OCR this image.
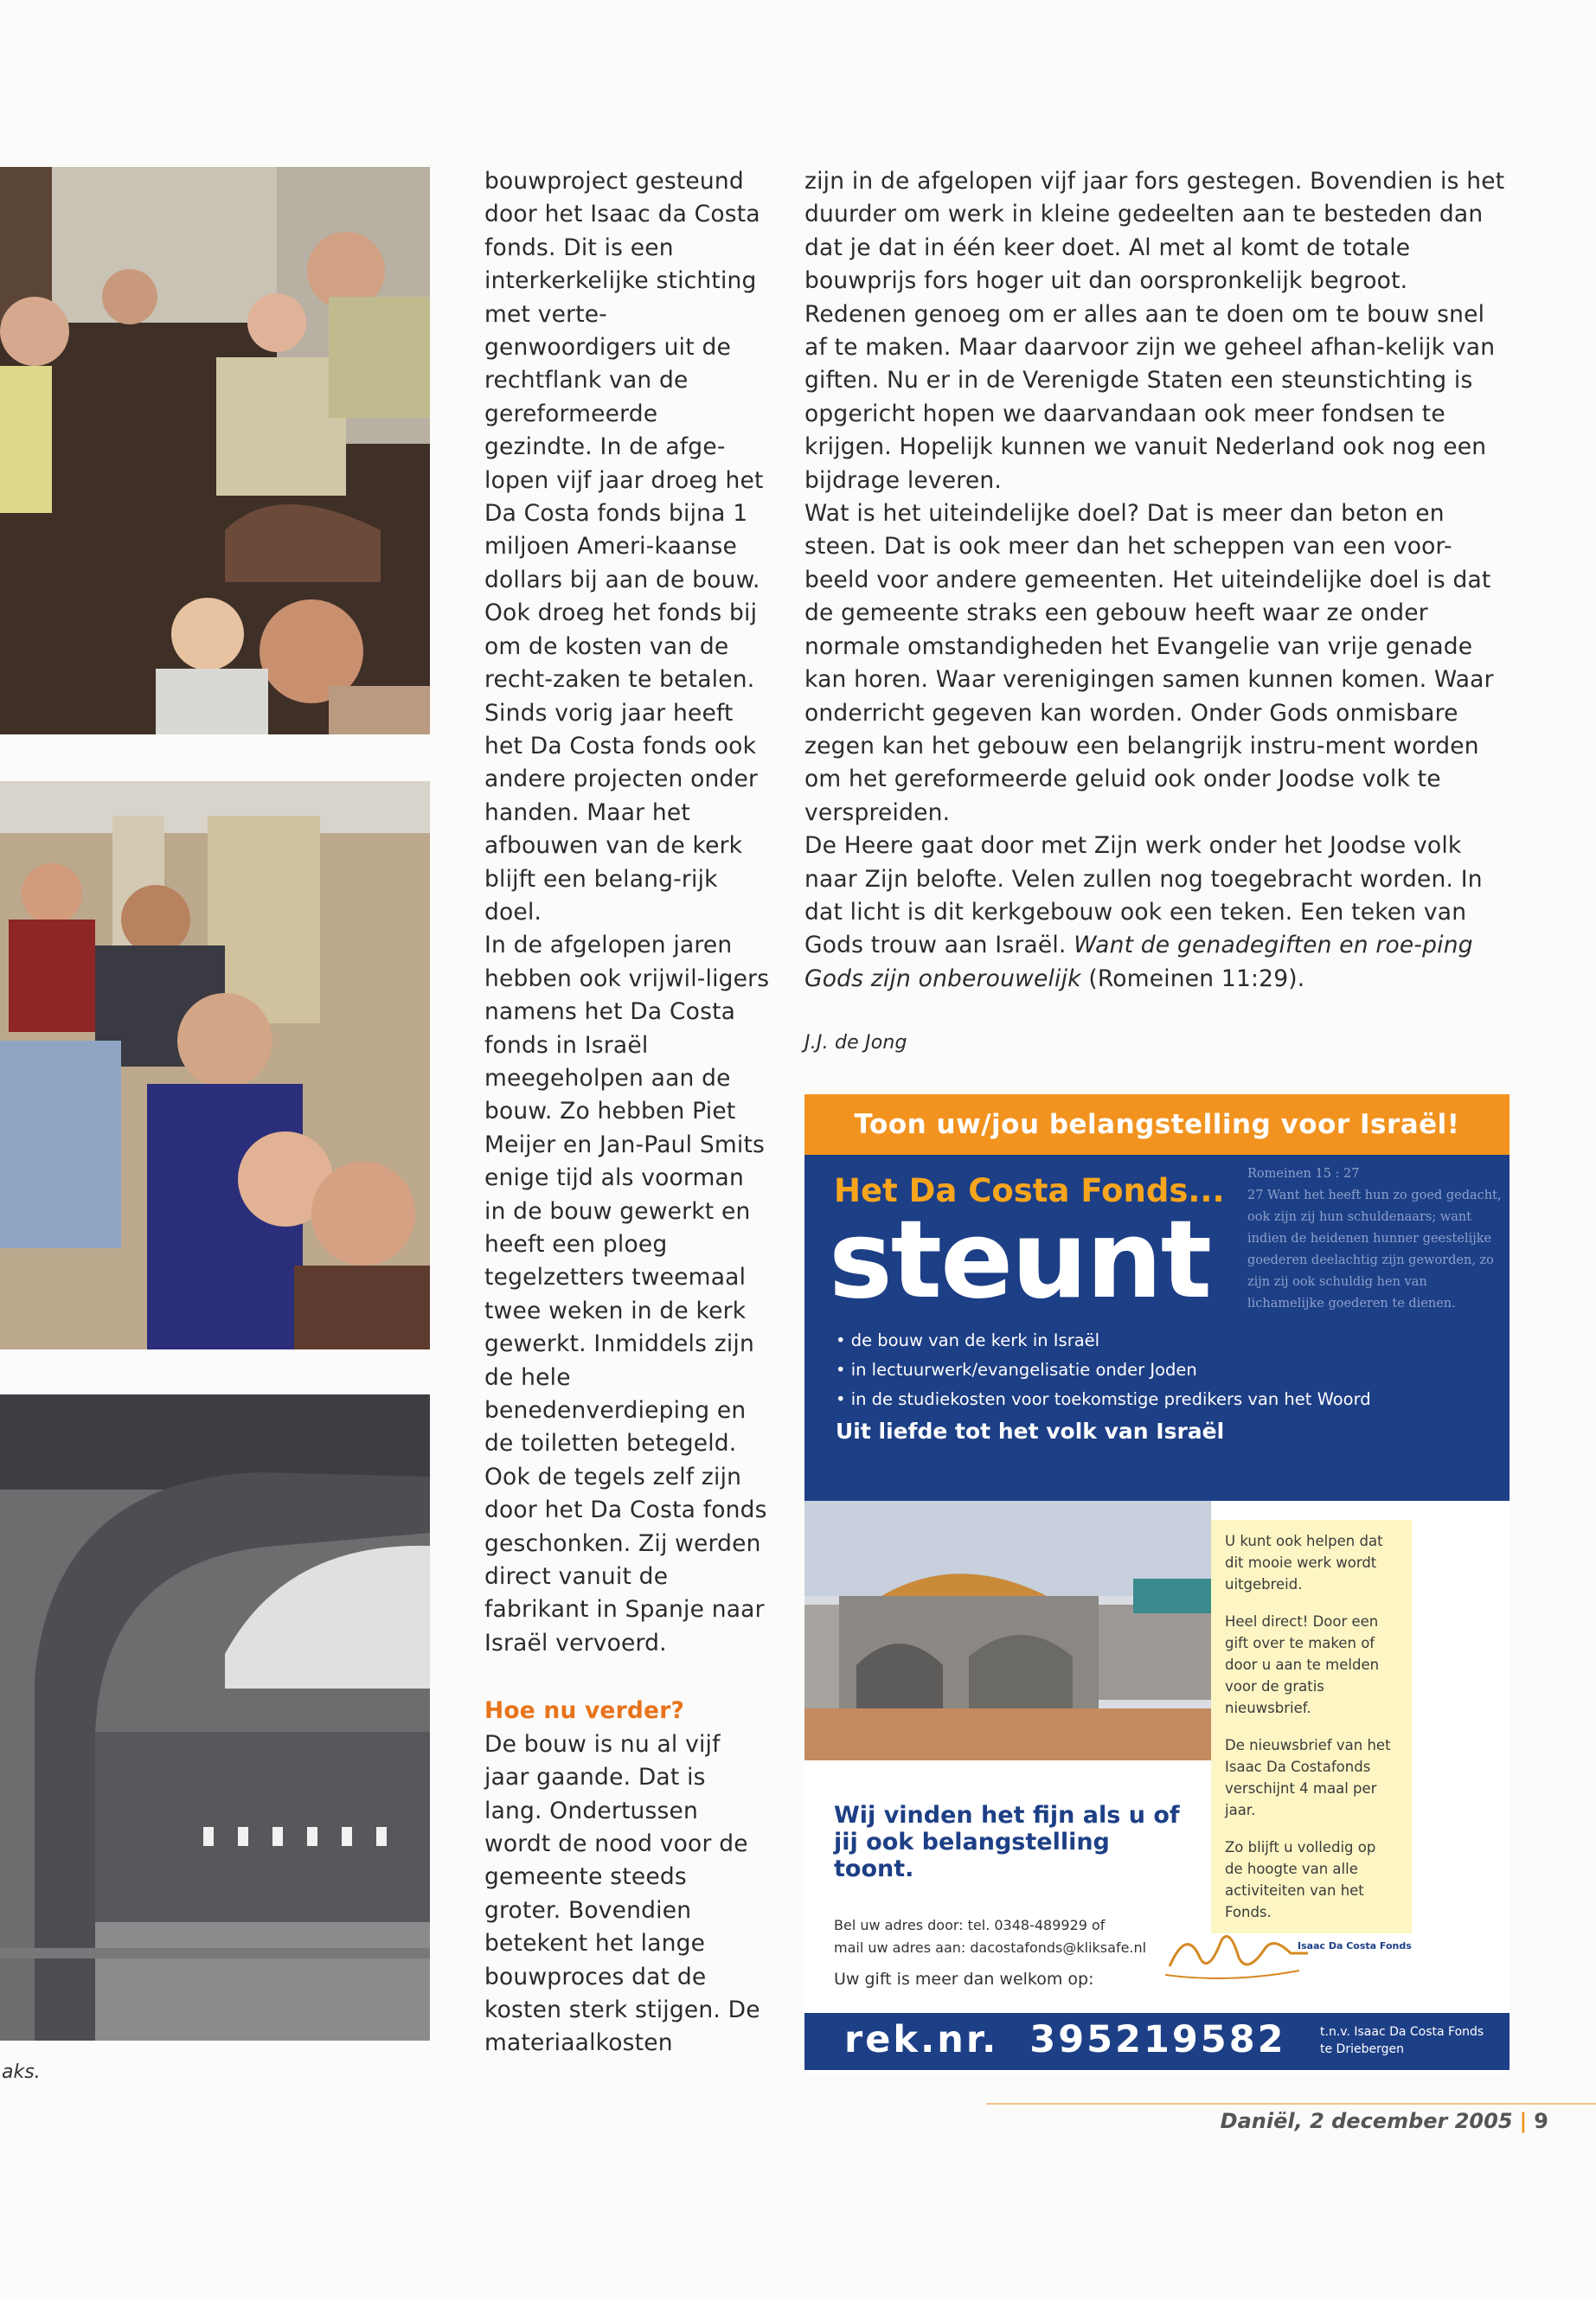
aks.

bouwproject gesteund door het Isaac da Costa fonds. Dit is een interkerkelijke stichting met verte-genwoordigers uit de rechtflank van de gereformeerde gezindte. In de afge-lopen vijf jaar droeg het Da Costa fonds bijna 1 miljoen Ameri-kaanse dollars bij aan de bouw. Ook droeg het fonds bij om de kosten van de recht-zaken te betalen.

Sinds vorig jaar heeft het Da Costa fonds ook andere projecten onder handen. Maar het afbouwen van de kerk blijft een belang-rijk doel.

In de afgelopen jaren hebben ook vrijwil-ligers namens het Da Costa fonds in Israël meegeholpen aan de bouw. Zo hebben Piet Meijer en Jan-Paul Smits enige tijd als voorman in de bouw gewerkt en heeft een ploeg tegelzetters tweemaal twee weken in de kerk gewerkt. Inmiddels zijn de hele benedenverdieping en de toiletten betegeld. Ook de tegels zelf zijn door het Da Costa fonds geschonken. Zij werden direct vanuit de fabrikant in Spanje naar Israël vervoerd.

Hoe nu verder?

De bouw is nu al vijf jaar gaande. Dat is lang. Ondertussen wordt de nood voor de gemeente steeds groter. Bovendien betekent het lange bouwproces dat de kosten sterk stijgen. De materiaalkosten

zijn in de afgelopen vijf jaar fors gestegen. Bovendien is het duurder om werk in kleine gedeelten aan te besteden dan dat je dat in één keer doet. Al met al komt de totale bouwprijs fors hoger uit dan oorspronkelijk begroot. Redenen genoeg om er alles aan te doen om te bouw snel af te maken. Maar daarvoor zijn we geheel afhan-kelijk van giften. Nu er in de Verenigde Staten een steunstichting is opgericht hopen we daarvandaan ook meer fondsen te krijgen. Hopelijk kunnen we vanuit Nederland ook nog een bijdrage leveren.

Wat is het uiteindelijke doel? Dat is meer dan beton en steen. Dat is ook meer dan het scheppen van een voor-beeld voor andere gemeenten. Het uiteindelijke doel is dat de gemeente straks een gebouw heeft waar ze onder normale omstandigheden het Evangelie van vrije genade kan horen. Waar verenigingen samen kunnen komen. Waar onderricht gegeven kan worden. Onder Gods onmisbare zegen kan het gebouw een belangrijk instru-ment worden om het gereformeerde geluid ook onder Joodse volk te verspreiden.

De Heere gaat door met Zijn werk onder het Joodse volk naar Zijn belofte. Velen zullen nog toegebracht worden. In dat licht is dit kerkgebouw ook een teken. Een teken van Gods trouw aan Israël. Want de genadegiften en roe-ping Gods zijn onberouwelijk (Romeinen 11:29).

J.J. de Jong

Toon uw/jou belangstelling voor Israël!
Het Da Costa Fonds...
steunt
• de bouw van de kerk in Israël
• in lectuurwerk/evangelisatie onder Joden
• in de studiekosten voor toekomstige predikers van het Woord
Uit liefde tot het volk van Israël
Romeinen 15 : 27
27 Want het heeft hun zo goed gedacht, ook zijn zij hun schuldenaars; want indien de heidenen hunner geestelijke goederen deelachtig zijn geworden, zo zijn zij ook schuldig hen van lichamelijke goederen te dienen.

U kunt ook helpen dat dit mooie werk wordt uitgebreid.

Heel direct! Door een gift over te maken of door u aan te melden voor de gratis nieuwsbrief.

De nieuwsbrief van het Isaac Da Costafonds verschijnt 4 maal per jaar.

Zo blijft u volledig op de hoogte van alle activiteiten van het Fonds.

Wij vinden het fijn als u of jij ook belangstelling toont.
Bel uw adres door: tel. 0348-489929 of
mail uw adres aan: dacostafonds@kliksafe.nl
Uw gift is meer dan welkom op:
Isaac Da Costa Fonds
rek.nr. 395219582	t.n.v. Isaac Da Costa Fonds te Driebergen
Daniël, 2 december 2005 | 9
